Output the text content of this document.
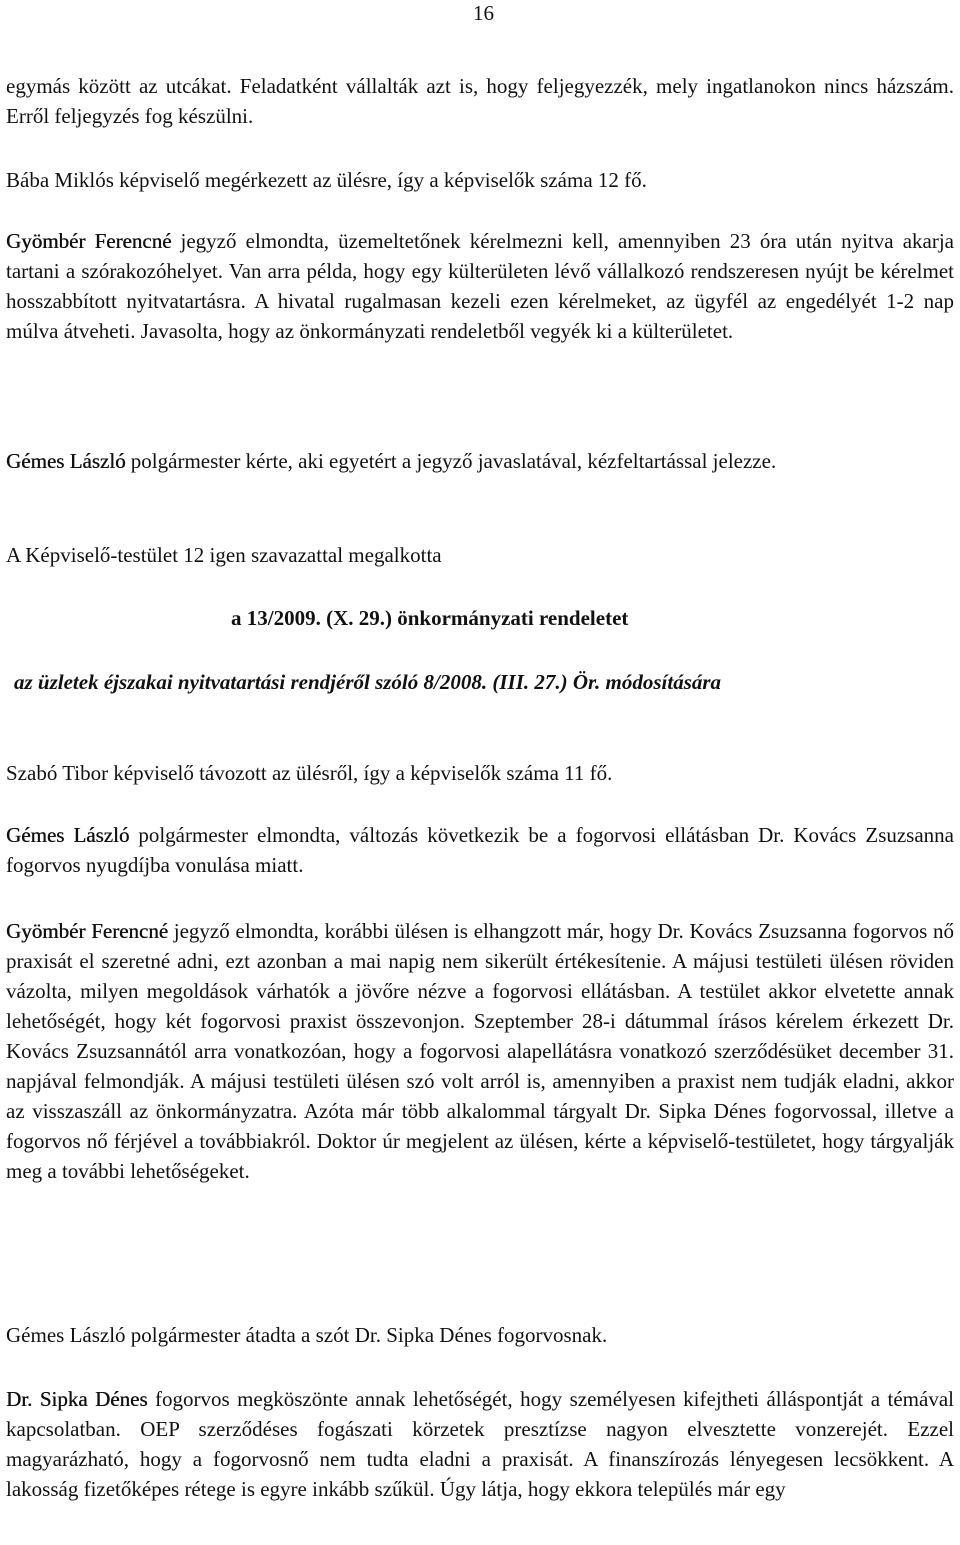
16

egymás között az utcákat. Feladatként vállalták azt is, hogy feljegyezzék, mely ingatlanokon nincs házszám. Erről feljegyzés fog készülni.

Bába Miklós képviselő megérkezett az ülésre, így a képviselők száma 12 fő.

Gyömbér Ferencné jegyző elmondta, üzemeltetőnek kérelmezni kell, amennyiben 23 óra után nyitva akarja tartani a szórakozóhelyet. Van arra példa, hogy egy külterületen lévő vállalkozó rendszeresen nyújt be kérelmet hosszabbított nyitvatartásra. A hivatal rugalmasan kezeli ezen kérelmeket, az ügyfél az engedélyét 1-2 nap múlva átveheti. Javasolta, hogy az önkormányzati rendeletből vegyék ki a külterületet.

Gémes László polgármester kérte, aki egyetért a jegyző javaslatával, kézfeltartással jelezze.

A Képviselő-testület 12 igen szavazattal megalkotta

a 13/2009. (X. 29.) önkormányzati rendeletet
az üzletek éjszakai nyitvatartási rendjéről szóló 8/2008. (III. 27.) Ör. módosítására

Szabó Tibor képviselő távozott az ülésről, így a képviselők száma 11 fő.

Gémes László polgármester elmondta, változás következik be a fogorvosi ellátásban Dr. Kovács Zsuzsanna fogorvos nyugdíjba vonulása miatt.

Gyömbér Ferencné jegyző elmondta, korábbi ülésen is elhangzott már, hogy Dr. Kovács Zsuzsanna fogorvos nő praxisát el szeretné adni, ezt azonban a mai napig nem sikerült értékesítenie. A májusi testületi ülésen röviden vázolta, milyen megoldások várhatók a jövőre nézve a fogorvosi ellátásban. A testület akkor elvetette annak lehetőségét, hogy két fogorvosi praxist összevonjon. Szeptember 28-i dátummal írásos kérelem érkezett Dr. Kovács Zsuzsannától arra vonatkozóan, hogy a fogorvosi alapellátásra vonatkozó szerződésüket december 31. napjával felmondják. A májusi testületi ülésen szó volt arról is, amennyiben a praxist nem tudják eladni, akkor az visszaszáll az önkormányzatra. Azóta már több alkalommal tárgyalt Dr. Sipka Dénes fogorvossal, illetve a fogorvos nő férjével a továbbiakról. Doktor úr megjelent az ülésen, kérte a képviselő-testületet, hogy tárgyalják meg a további lehetőségeket.

Gémes László polgármester átadta a szót Dr. Sipka Dénes fogorvosnak.

Dr. Sipka Dénes fogorvos megköszönte annak lehetőségét, hogy személyesen kifejtheti álláspontját a témával kapcsolatban. OEP szerződéses fogászati körzetek presztízse nagyon elvesztette vonzerejét. Ezzel magyarázható, hogy a fogorvosnő nem tudta eladni a praxisát. A finanszírozás lényegesen lecsökkent. A lakosság fizetőképes rétege is egyre inkább szűkül. Úgy látja, hogy ekkora település már egy
